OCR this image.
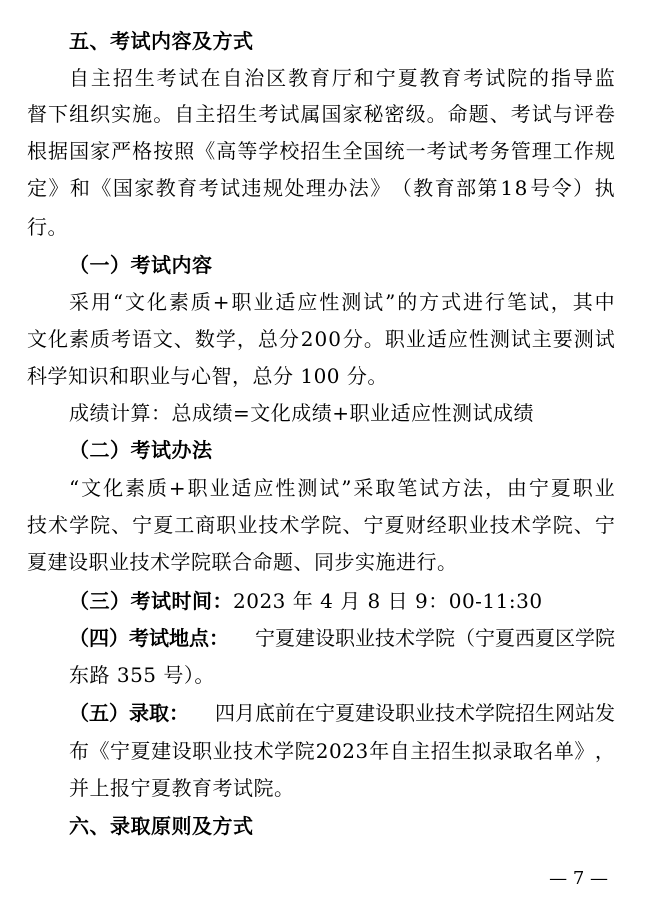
五、考试内容及方式
自 主 招 生 考 试 在 自 治 区 教 育 厅 和 宁 夏 教 育 考 试 院 的 指 导 监
督 下 组 织 实 施 。 自 主 招 生 考 试 属 国 家 秘 密 级 。 命 题 、 考 试 与 评 卷
根 据 国 家 严 格 按 照 《 高 等 学 校 招 生 全 国 统 一 考 试 考 务 管 理 工 作 规
定 》 和 《 国 家 教 育 考 试 违 规 处 理 办 法 》 （ 教 育 部 第 1 8 号 令 ） 执
行。
（一）考试内容
采 用 “ 文 化 素 质 + 职 业 适 应 性 测 试 ” 的 方 式 进 行 笔 试 ， 其 中
文 化 素 质 考 语 文 、 数 学 ， 总 分 2 0 0 分 。 职 业 适 应 性 测 试 主 要 测 试
科学知识和职业与心智，总分 100 分。
成绩计算：总成绩=文化成绩+职业适应性测试成绩
（二）考试办法
“ 文 化 素 质 + 职 业 适 应 性 测 试 ” 采 取 笔 试 方 法 ， 由 宁 夏 职 业
技 术 学 院 、 宁 夏 工 商 职 业 技 术 学 院 、 宁 夏 财 经 职 业 技 术 学 院 、 宁
夏建设职业技术学院联合命题、同步实施进行。
（三）考试时间：2023 年 4 月 8 日 9：00-11:30
（四）考试地点： 宁夏建设职业技术学院（宁夏西夏区学院
东路 355 号）。
（五）录取： 四月底前在宁夏建设职业技术学院招生网站发
布 《 宁 夏 建 设 职 业 技 术 学 院 2 0 2 3 年 自 主 招 生 拟 录 取 名 单 》 ，
并上报宁夏教育考试院。
六、录取原则及方式
— 7 —
